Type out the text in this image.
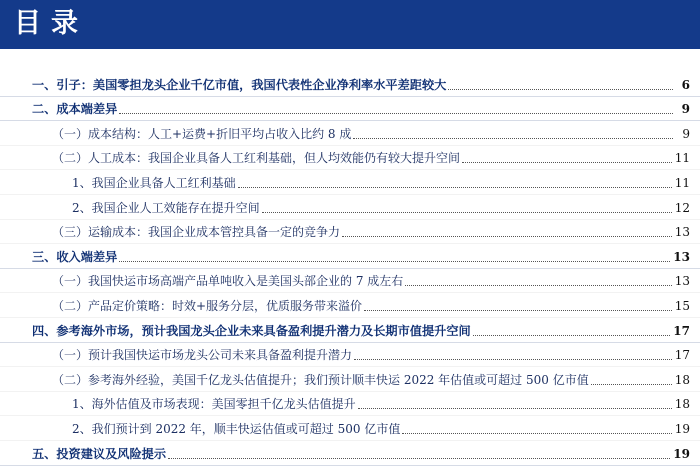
目录
一、引子：美国零担龙头企业千亿市值，我国代表性企业净利率水平差距较大	6
二、成本端差异	9
（一）成本结构：人工+运费+折旧平均占收入比约 8 成	9
（二）人工成本：我国企业具备人工红利基础，但人均效能仍有较大提升空间	11
1、我国企业具备人工红利基础	11
2、我国企业人工效能存在提升空间	12
（三）运输成本：我国企业成本管控具备一定的竞争力	13
三、收入端差异	13
（一）我国快运市场高端产品单吨收入是美国头部企业的 7 成左右	13
（二）产品定价策略：时效+服务分层，优质服务带来溢价	15
四、参考海外市场，预计我国龙头企业未来具备盈利提升潜力及长期市值提升空间	17
（一）预计我国快运市场龙头公司未来具备盈利提升潜力	17
（二）参考海外经验，美国千亿龙头估值提升；我们预计顺丰快运 2022 年估值或可超过 500 亿市值	18
1、海外估值及市场表现：美国零担千亿龙头估值提升	18
2、我们预计到 2022 年，顺丰快运估值或可超过 500 亿市值	19
五、投资建议及风险提示	19
